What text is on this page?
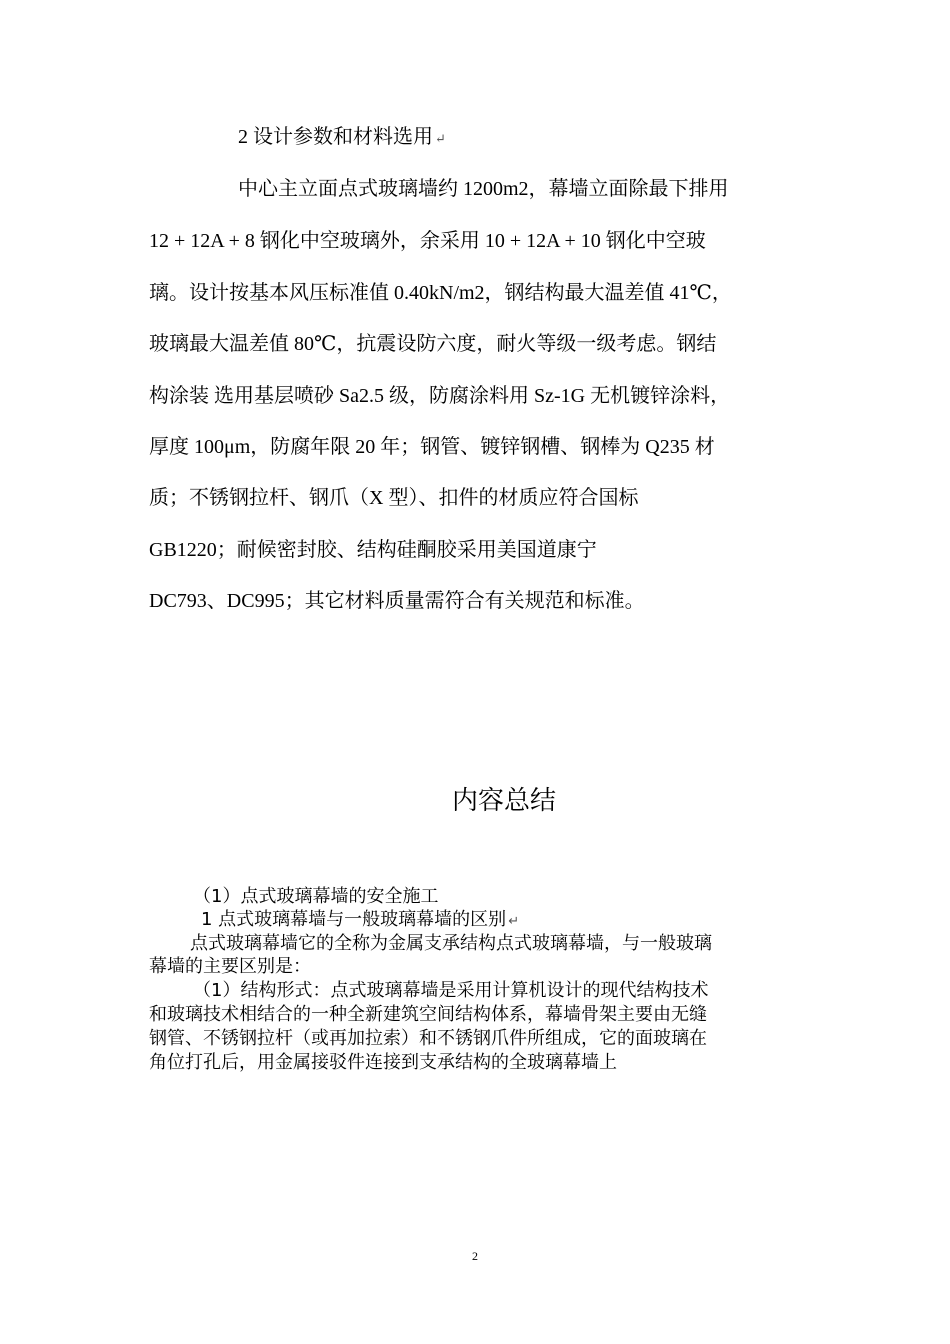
2 设计参数和材料选用 ↵
中心主立面点式玻璃墙约 1200m2，幕墙立面除最下排用
12 + 12A + 8 钢化中空玻璃外，余采用 10 + 12A + 10 钢化中空玻
璃。设计按基本风压标准值 0.40kN/m2，钢结构最大温差值 41℃，
玻璃最大温差值 80℃，抗震设防六度，耐火等级一级考虑。钢结
构涂装 选用基层喷砂 Sa2.5 级，防腐涂料用 Sz-1G 无机镀锌涂料，
厚度 100μm，防腐年限 20 年；钢管、镀锌钢槽、钢棒为 Q235 材
质；不锈钢拉杆、钢爪（X 型）、扣件的材质应符合国标
GB1220；耐候密封胶、结构硅酮胶采用美国道康宁
DC793、DC995；其它材料质量需符合有关规范和标准。
内容总结
（1）点式玻璃幕墙的安全施工
1 点式玻璃幕墙与一般玻璃幕墙的区别 ↵
点式玻璃幕墙它的全称为金属支承结构点式玻璃幕墙，与一般玻璃
幕墙的主要区别是：
（1）结构形式：点式玻璃幕墙是采用计算机设计的现代结构技术
和玻璃技术相结合的一种全新建筑空间结构体系，幕墙骨架主要由无缝
钢管、不锈钢拉杆（或再加拉索）和不锈钢爪件所组成，它的面玻璃在
角位打孔后，用金属接驳件连接到支承结构的全玻璃幕墙上
2
